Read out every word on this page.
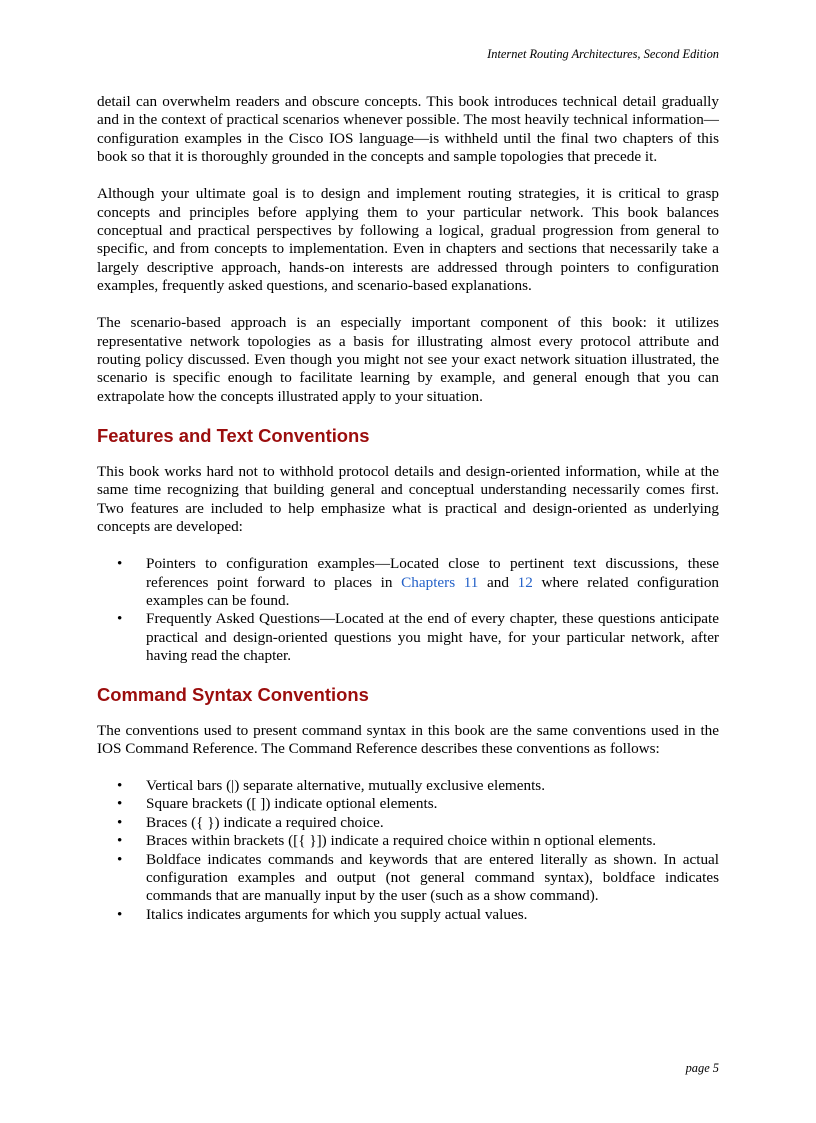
Internet Routing Architectures, Second Edition

detail can overwhelm readers and obscure concepts. This book introduces technical detail gradually and in the context of practical scenarios whenever possible. The most heavily technical information—configuration examples in the Cisco IOS language—is withheld until the final two chapters of this book so that it is thoroughly grounded in the concepts and sample topologies that precede it.

Although your ultimate goal is to design and implement routing strategies, it is critical to grasp concepts and principles before applying them to your particular network. This book balances conceptual and practical perspectives by following a logical, gradual progression from general to specific, and from concepts to implementation. Even in chapters and sections that necessarily take a largely descriptive approach, hands-on interests are addressed through pointers to configuration examples, frequently asked questions, and scenario-based explanations.

The scenario-based approach is an especially important component of this book: it utilizes representative network topologies as a basis for illustrating almost every protocol attribute and routing policy discussed. Even though you might not see your exact network situation illustrated, the scenario is specific enough to facilitate learning by example, and general enough that you can extrapolate how the concepts illustrated apply to your situation.

Features and Text Conventions

This book works hard not to withhold protocol details and design-oriented information, while at the same time recognizing that building general and conceptual understanding necessarily comes first. Two features are included to help emphasize what is practical and design-oriented as underlying concepts are developed:

• Pointers to configuration examples—Located close to pertinent text discussions, these references point forward to places in Chapters 11 and 12 where related configuration examples can be found.
• Frequently Asked Questions—Located at the end of every chapter, these questions anticipate practical and design-oriented questions you might have, for your particular network, after having read the chapter.
Command Syntax Conventions

The conventions used to present command syntax in this book are the same conventions used in the IOS Command Reference. The Command Reference describes these conventions as follows:

• Vertical bars (|) separate alternative, mutually exclusive elements.
• Square brackets ([ ]) indicate optional elements.
• Braces ({ }) indicate a required choice.
• Braces within brackets ([{ }]) indicate a required choice within n optional elements.
• Boldface indicates commands and keywords that are entered literally as shown. In actual configuration examples and output (not general command syntax), boldface indicates commands that are manually input by the user (such as a show command).
• Italics indicates arguments for which you supply actual values.
page 5
